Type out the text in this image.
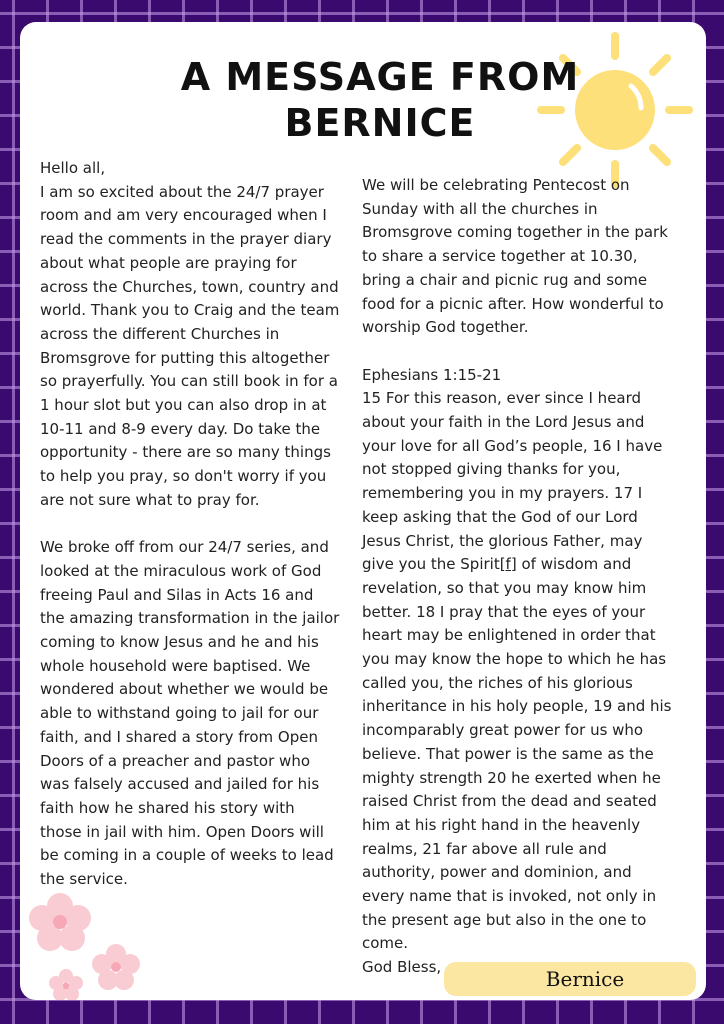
A MESSAGE FROM BERNICE
Hello all,

I am so excited about the 24/7 prayer room and am very encouraged when I read the comments in the prayer diary about what people are praying for across the Churches, town, country and world. Thank you to Craig and the team across the different Churches in Bromsgrove for putting this altogether so prayerfully. You can still book in for a 1 hour slot but you can also drop in at 10-11 and 8-9 every day. Do take the opportunity - there are so many things to help you pray, so don't worry if you are not sure what to pray for.

We broke off from our 24/7 series, and looked at the miraculous work of God freeing Paul and Silas in Acts 16 and the amazing transformation in the jailor coming to know Jesus and he and his whole household were baptised. We wondered about whether we would be able to withstand going to jail for our faith, and I shared a story from Open Doors of a preacher and pastor who was falsely accused and jailed for his faith how he shared his story with those in jail with him. Open Doors will be coming in a couple of weeks to lead the service.

We will be celebrating Pentecost on Sunday with all the churches in Bromsgrove coming together in the park to share a service together at 10.30, bring a chair and picnic rug and some food for a picnic after. How wonderful to worship God together.

Ephesians 1:15-21
15 For this reason, ever since I heard about your faith in the Lord Jesus and your love for all God’s people, 16 I have not stopped giving thanks for you, remembering you in my prayers. 17 I keep asking that the God of our Lord Jesus Christ, the glorious Father, may give you the Spirit[f] of wisdom and revelation, so that you may know him better. 18 I pray that the eyes of your heart may be enlightened in order that you may know the hope to which he has called you, the riches of his glorious inheritance in his holy people, 19 and his incomparably great power for us who believe. That power is the same as the mighty strength 20 he exerted when he raised Christ from the dead and seated him at his right hand in the heavenly realms, 21 far above all rule and authority, power and dominion, and every name that is invoked, not only in the present age but also in the one to come.

God Bless,	Bernice
